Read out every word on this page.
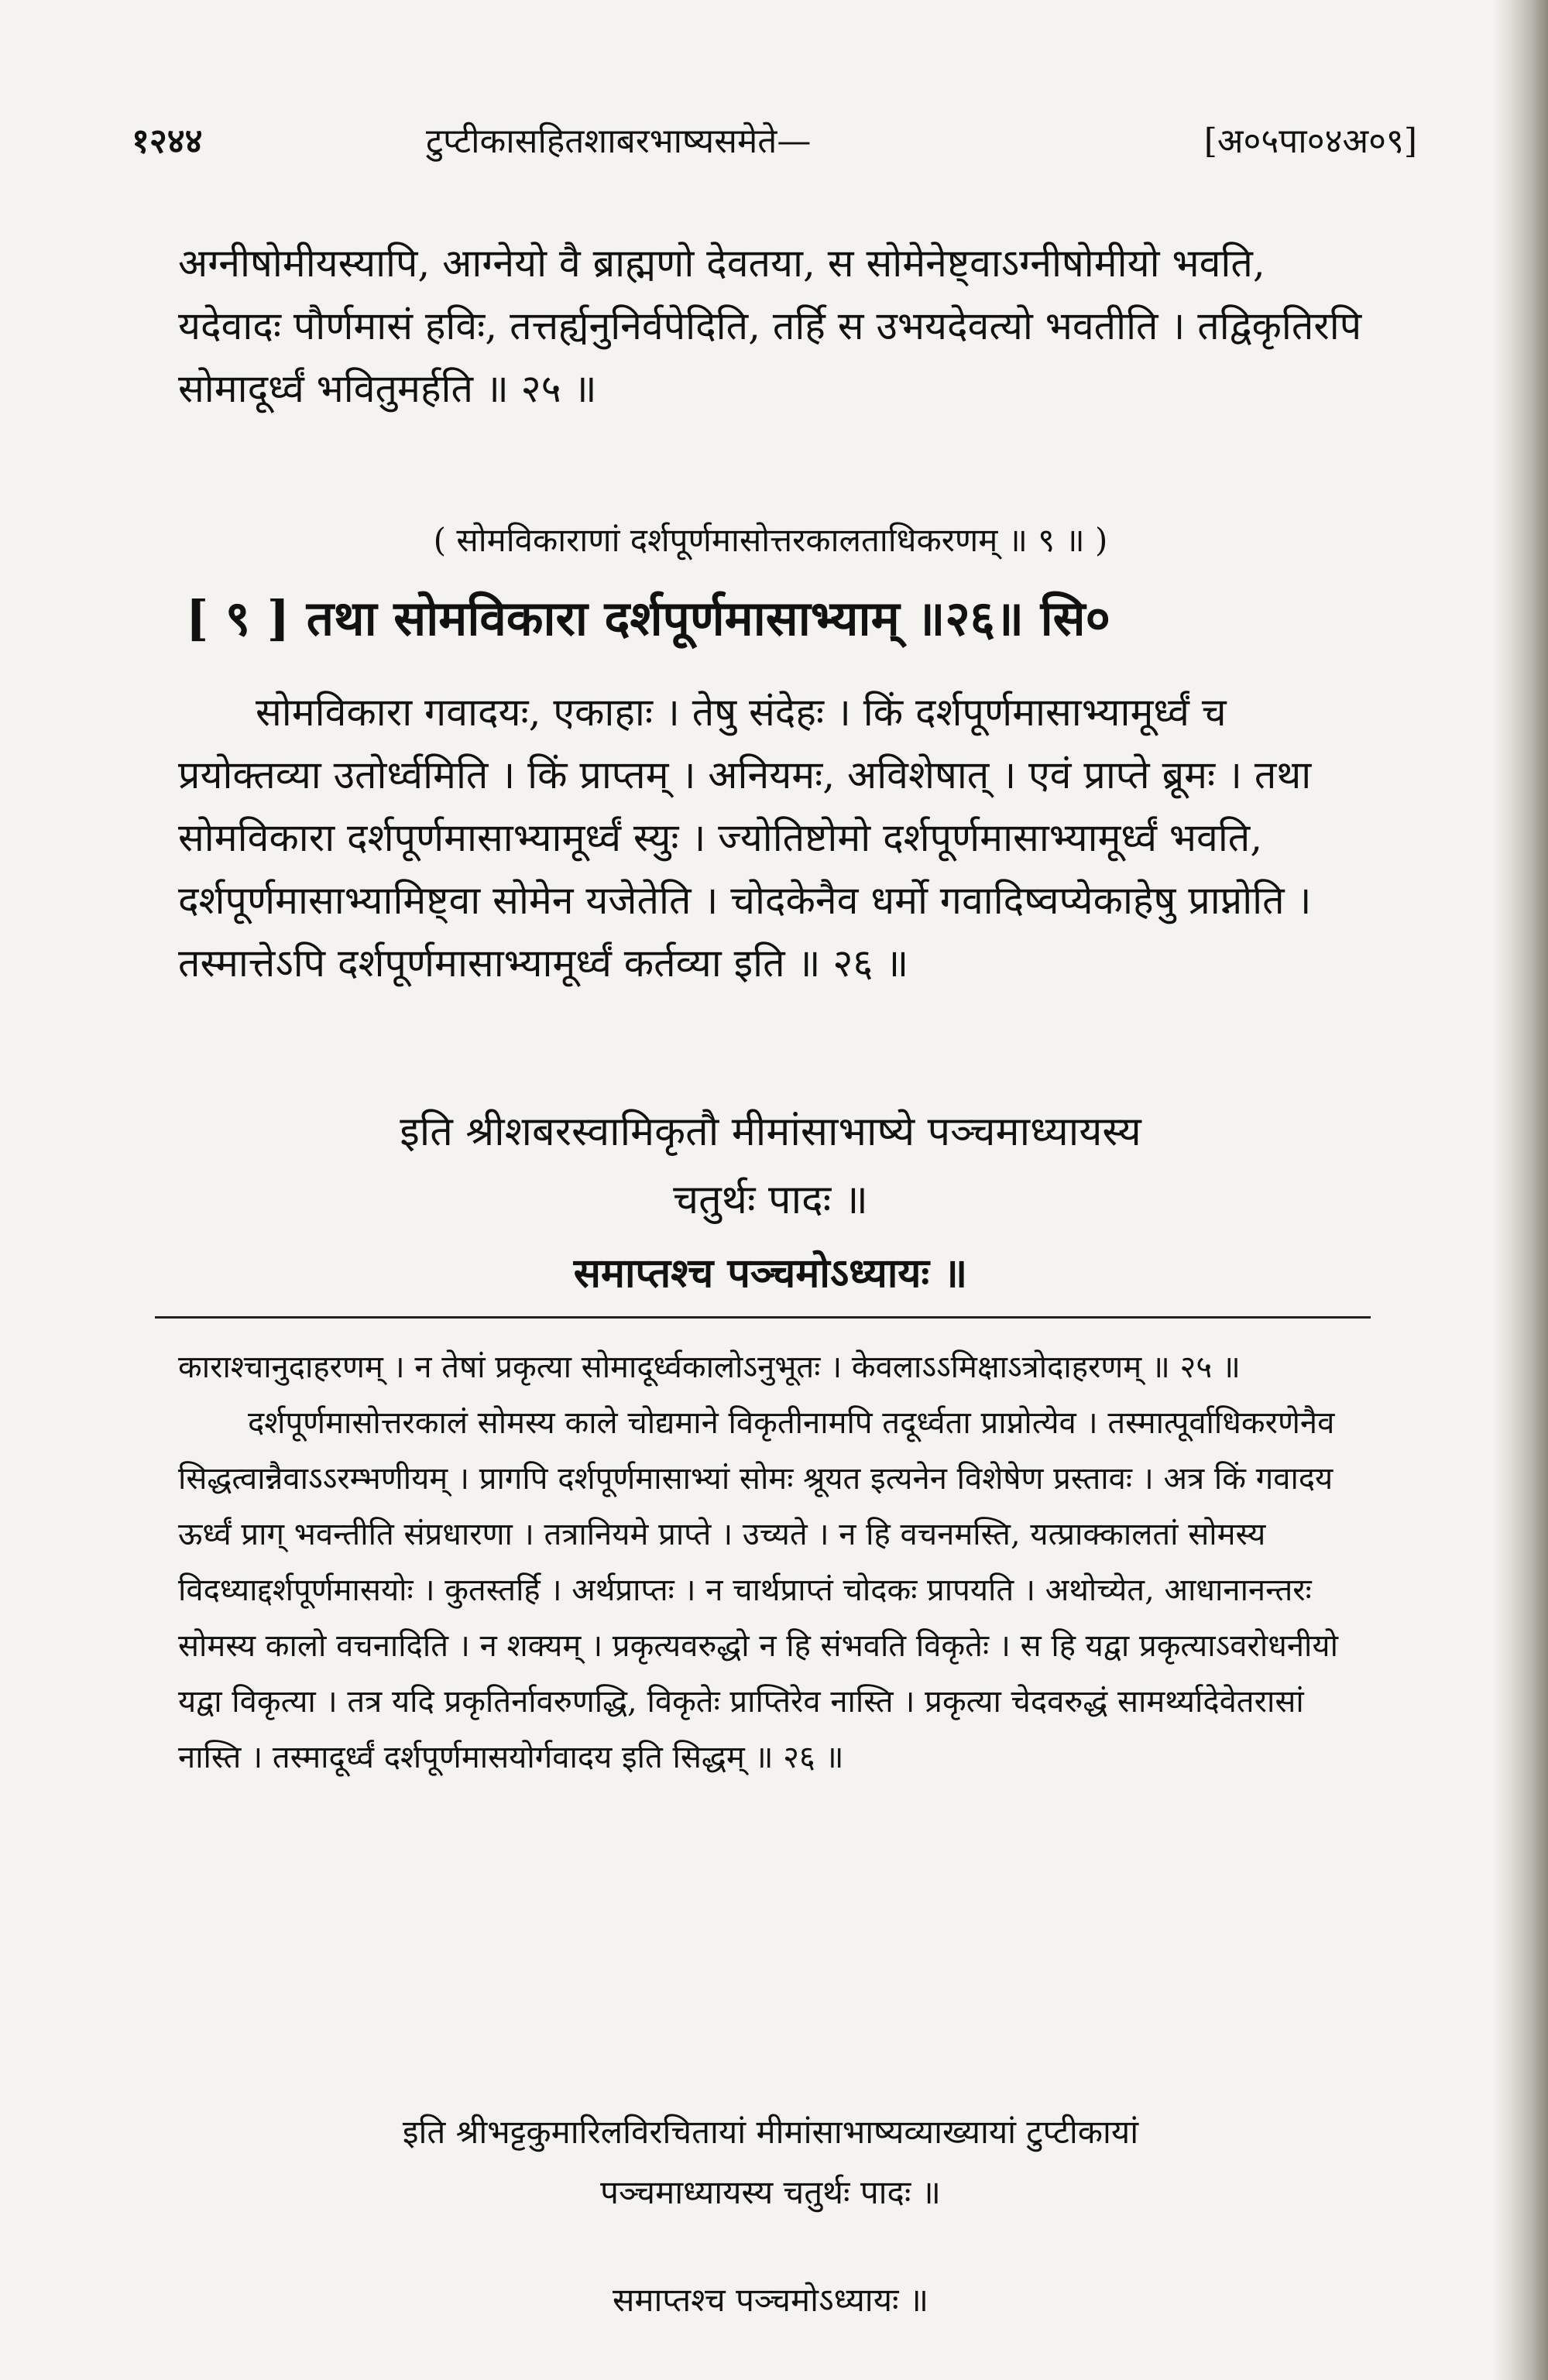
१२४४	टुप्टीकासहितशाबरभाष्यसमेते—	[अ०५पा०४अ०९]
अग्नीषोमीयस्यापि, आग्नेयो वै ब्राह्मणो देवतया, स सोमेनेष्ट्वाऽग्नीषोमीयो भवति, यदेवादः पौर्णमासं हविः, तत्तर्ह्यनुनिर्वपेदिति, तर्हि स उभयदेवत्यो भवतीति । तद्विकृतिरपि सोमादूर्ध्वं भवितुमर्हति ॥ २५ ॥
( सोमविकाराणां दर्शपूर्णमासोत्तरकालताधिकरणम् ॥ ९ ॥ )
[ ९ ] तथा सोमविकारा दर्शपूर्णमासाभ्याम् ॥२६॥ सि०
सोमविकारा गवादयः, एकाहाः । तेषु संदेहः । किं दर्शपूर्णमासाभ्यामूर्ध्वं च प्रयोक्तव्या उतोर्ध्वमिति । किं प्राप्तम् । अनियमः, अविशेषात् । एवं प्राप्ते ब्रूमः । तथा सोमविकारा दर्शपूर्णमासाभ्यामूर्ध्वं स्युः । ज्योतिष्टोमो दर्शपूर्णमासाभ्यामूर्ध्वं भवति, दर्शपूर्णमासाभ्यामिष्ट्वा सोमेन यजेतेति । चोदकेनैव धर्मो गवादिष्वप्येकाहेषु प्राप्नोति । तस्मात्तेऽपि दर्शपूर्णमासाभ्यामूर्ध्वं कर्तव्या इति ॥ २६ ॥
इति श्रीशबरस्वामिकृतौ मीमांसाभाष्ये पञ्चमाध्यायस्य
चतुर्थः पादः ॥
समाप्तश्च पञ्चमोऽध्यायः ॥
काराश्चानुदाहरणम् । न तेषां प्रकृत्या सोमादूर्ध्वकालोऽनुभूतः । केवलाऽऽमिक्षाऽत्रोदाहरणम् ॥ २५ ॥
दर्शपूर्णमासोत्तरकालं सोमस्य काले चोद्यमाने विकृतीनामपि तदूर्ध्वता प्राप्नोत्येव । तस्मात्पूर्वाधिकरणेनैव सिद्धत्वान्नैवाऽऽरम्भणीयम् । प्रागपि दर्शपूर्णमासाभ्यां सोमः श्रूयत इत्यनेन विशेषेण प्रस्तावः । अत्र किं गवादय ऊर्ध्वं प्राग् भवन्तीति संप्रधारणा । तत्रानियमे प्राप्ते । उच्यते । न हि वचनमस्ति, यत्प्राक्कालतां सोमस्य विदध्याद्दर्शपूर्णमासयोः । कुतस्तर्हि । अर्थप्राप्तः । न चार्थप्राप्तं चोदकः प्रापयति । अथोच्येत, आधानानन्तरः सोमस्य कालो वचनादिति । न शक्यम् । प्रकृत्यवरुद्धो न हि संभवति विकृतेः । स हि यद्वा प्रकृत्याऽवरोधनीयो यद्वा विकृत्या । तत्र यदि प्रकृतिर्नावरुणद्धि, विकृतेः प्राप्तिरेव नास्ति । प्रकृत्या चेदवरुद्धं सामर्थ्यादेवेतरासां नास्ति । तस्मादूर्ध्वं दर्शपूर्णमासयोर्गवादय इति सिद्धम् ॥ २६ ॥
इति श्रीभट्टकुमारिलविरचितायां मीमांसाभाष्यव्याख्यायां टुप्टीकायां
पञ्चमाध्यायस्य चतुर्थः पादः ॥
समाप्तश्च पञ्चमोऽध्यायः ॥
